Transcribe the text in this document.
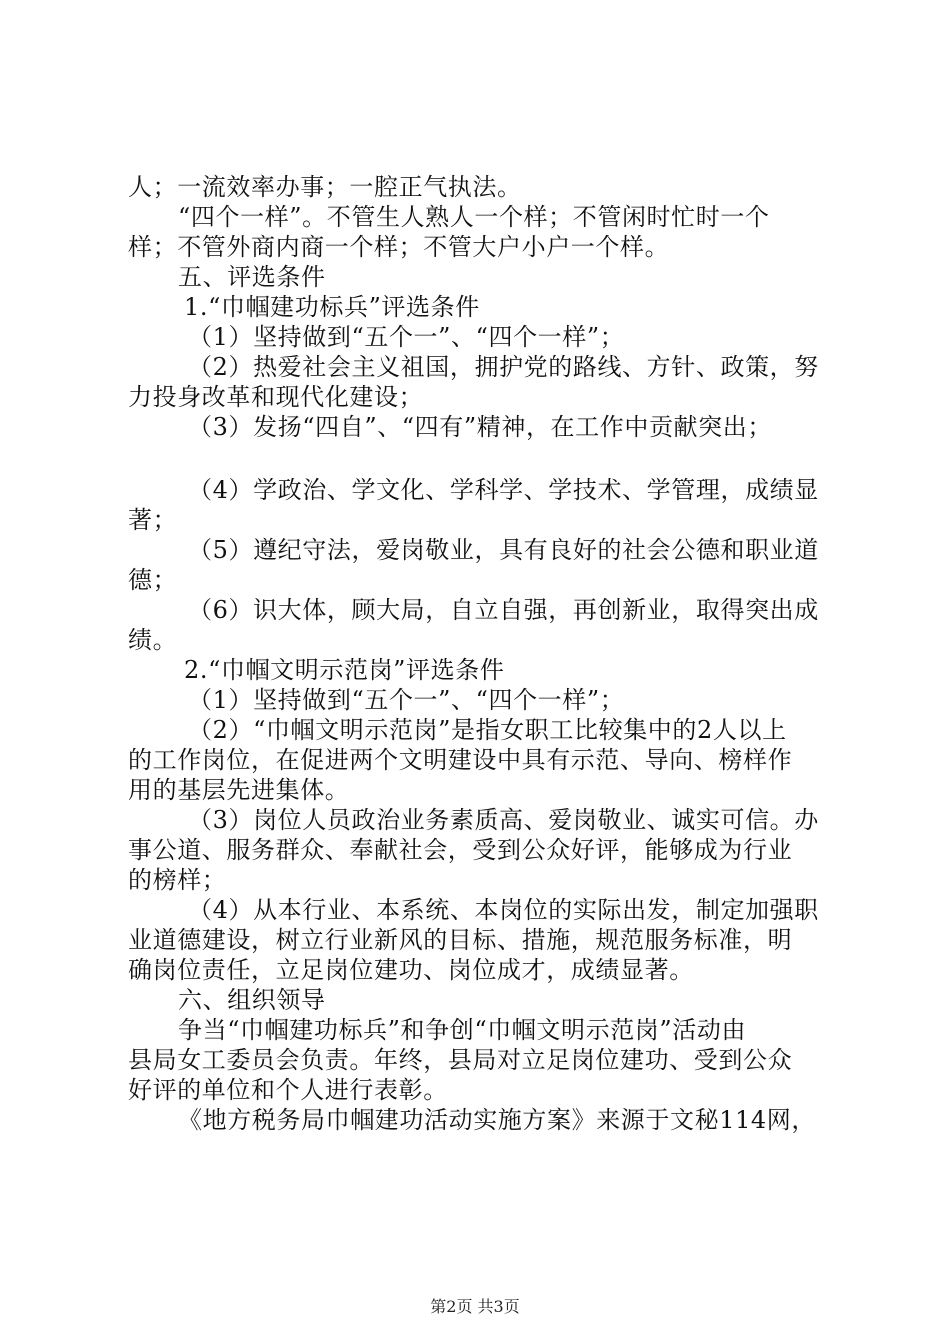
人；一流效率办事；一腔正气执法。
“四个一样”。不管生人熟人一个样；不管闲时忙时一个
样；不管外商内商一个样；不管大户小户一个样。
五、评选条件
1.“巾帼建功标兵”评选条件
（1）坚持做到“五个一”、“四个一样”；
（2）热爱社会主义祖国，拥护党的路线、方针、政策，努
力投身改革和现代化建设；
（3）发扬“四自”、“四有”精神，在工作中贡献突出；
（4）学政治、学文化、学科学、学技术、学管理，成绩显
著；
（5）遵纪守法，爱岗敬业，具有良好的社会公德和职业道
德；
（6）识大体，顾大局，自立自强，再创新业，取得突出成
绩。
2.“巾帼文明示范岗”评选条件
（1）坚持做到“五个一”、“四个一样”；
（2）“巾帼文明示范岗”是指女职工比较集中的2人以上
的工作岗位，在促进两个文明建设中具有示范、导向、榜样作
用的基层先进集体。
（3）岗位人员政治业务素质高、爱岗敬业、诚实可信。办
事公道、服务群众、奉献社会，受到公众好评，能够成为行业
的榜样；
（4）从本行业、本系统、本岗位的实际出发，制定加强职
业道德建设，树立行业新风的目标、措施，规范服务标准，明
确岗位责任，立足岗位建功、岗位成才，成绩显著。
六、组织领导
争当“巾帼建功标兵”和争创“巾帼文明示范岗”活动由
县局女工委员会负责。年终，县局对立足岗位建功、受到公众
好评的单位和个人进行表彰。
《地方税务局巾帼建功活动实施方案》来源于文秘114网，
第2页 共3页
